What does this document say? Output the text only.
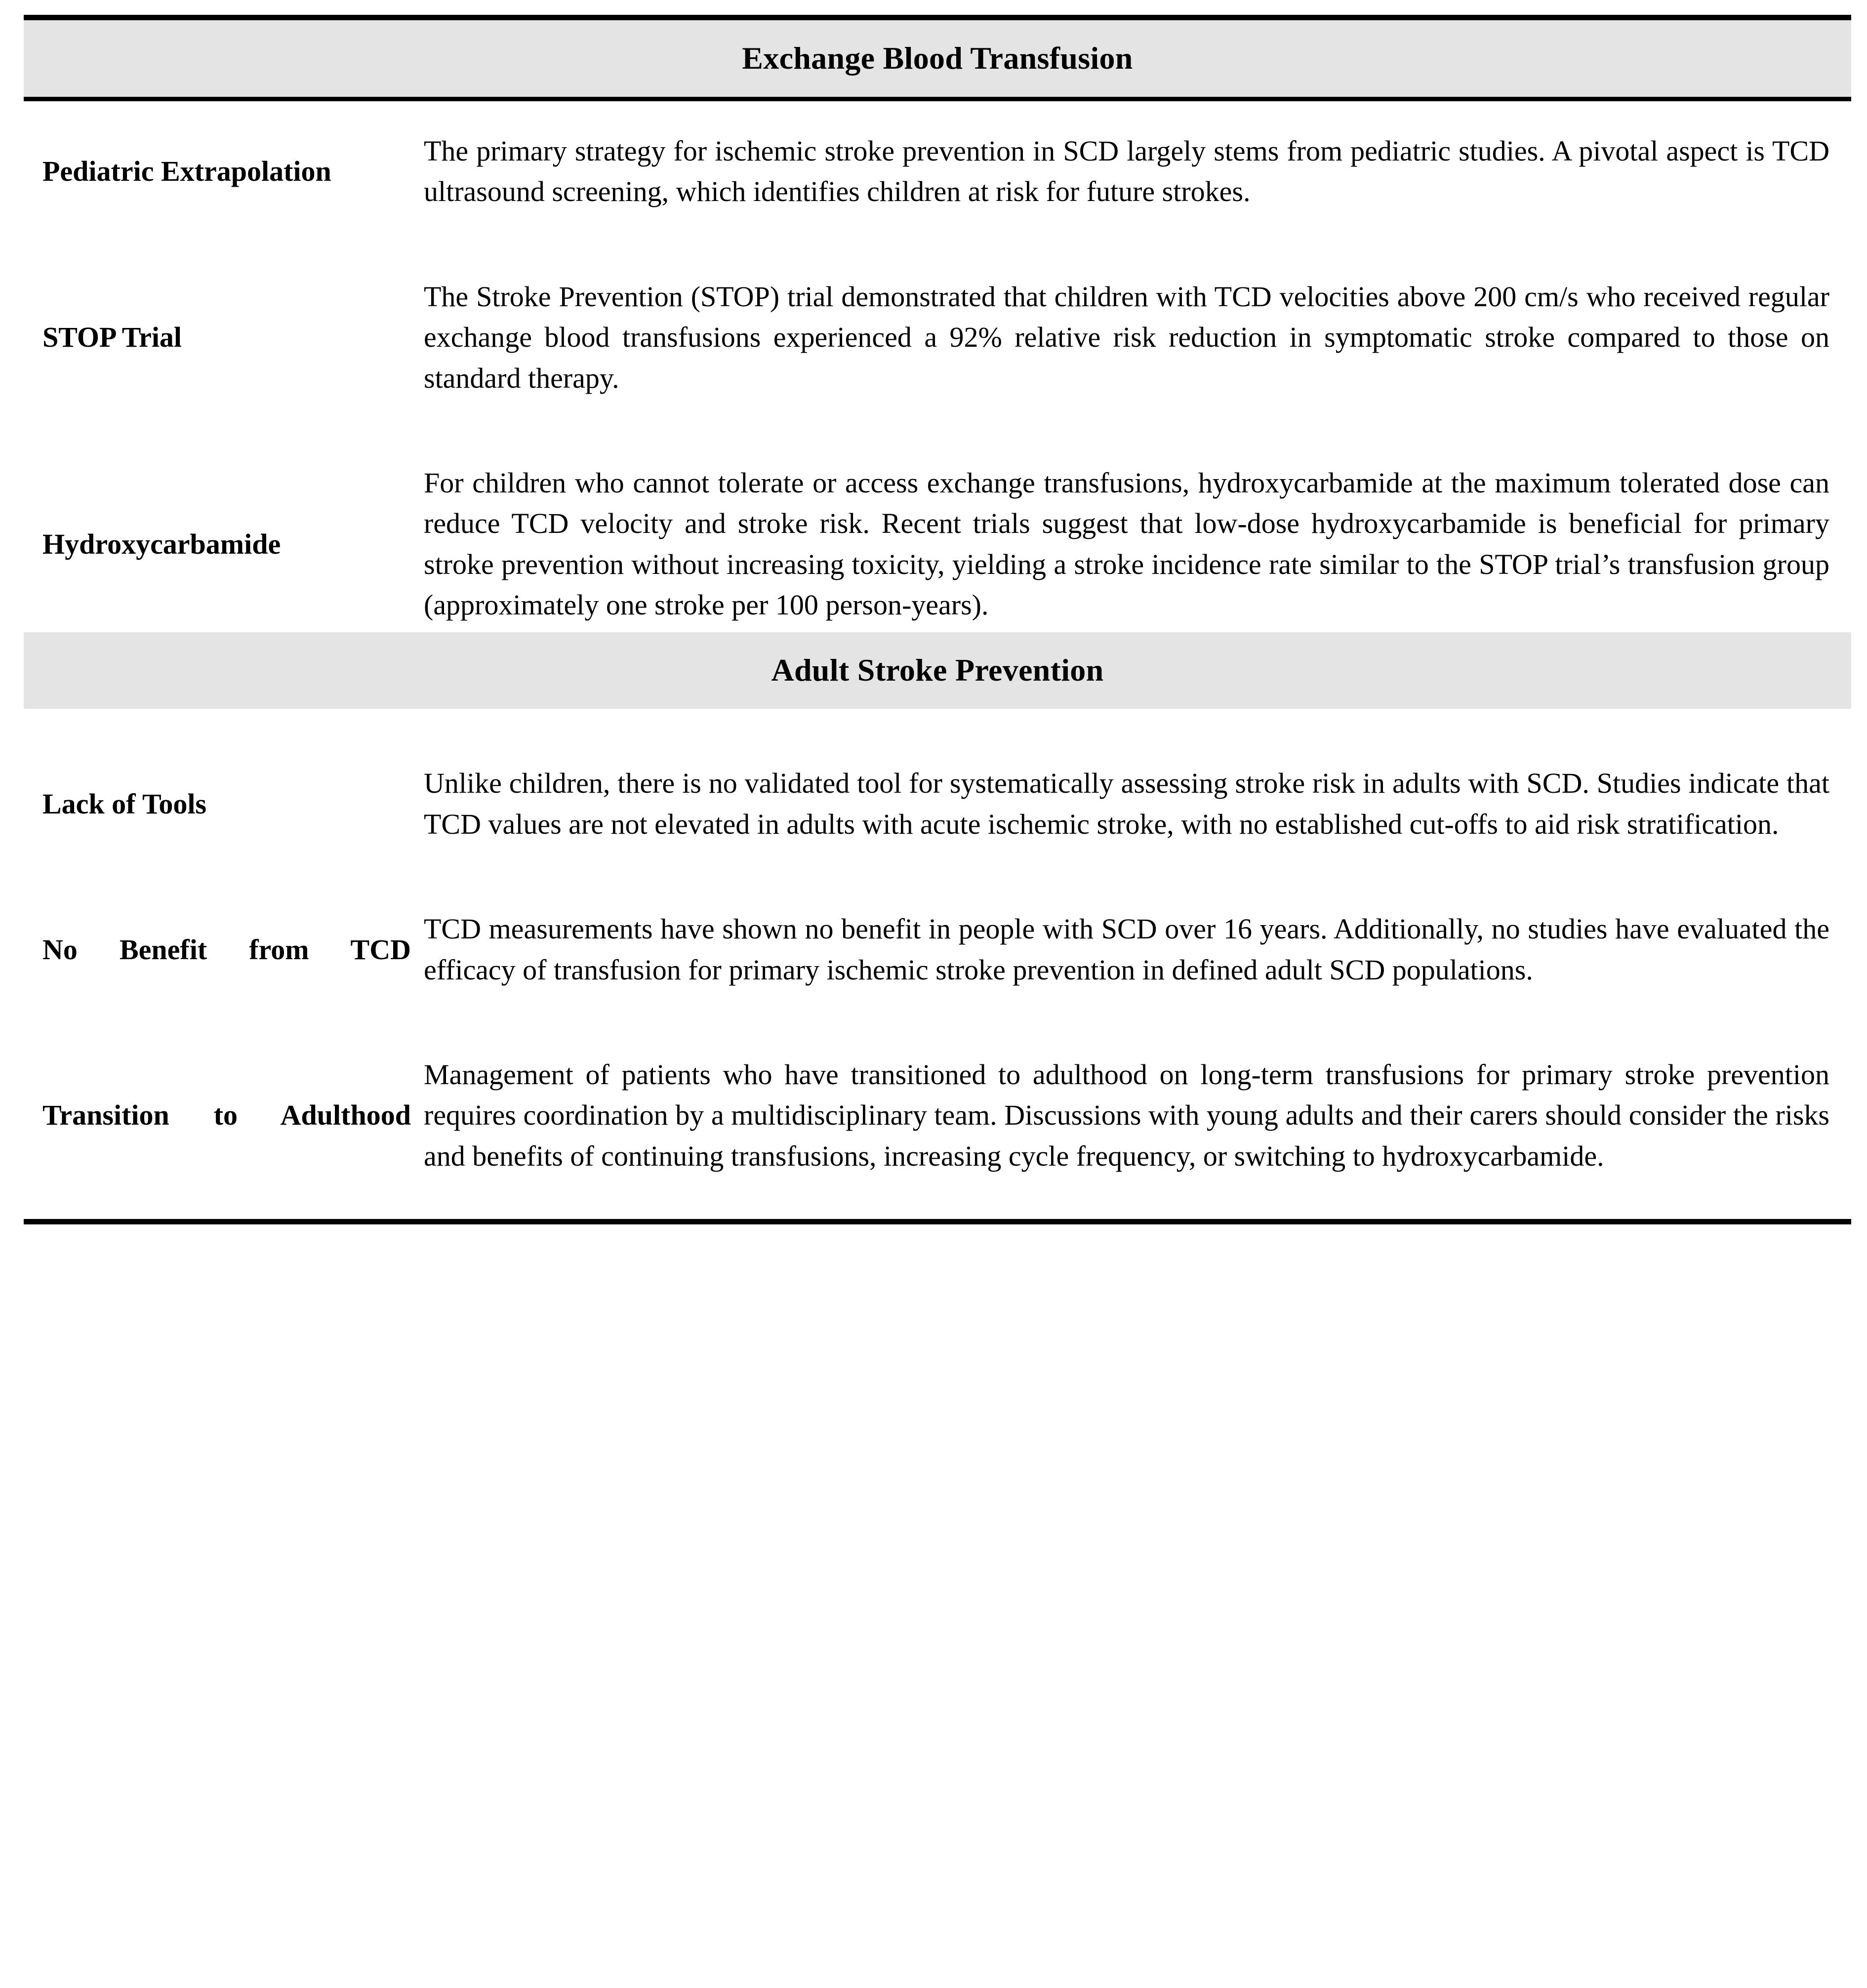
Exchange Blood Transfusion
Pediatric Extrapolation
The primary strategy for ischemic stroke prevention in SCD largely stems from pediatric studies. A pivotal aspect is TCD ultrasound screening, which identifies children at risk for future strokes.
STOP Trial
The Stroke Prevention (STOP) trial demonstrated that children with TCD velocities above 200 cm/s who received regular exchange blood transfusions experienced a 92% relative risk reduction in symptomatic stroke compared to those on standard therapy.
Hydroxycarbamide
For children who cannot tolerate or access exchange transfusions, hydroxycarbamide at the maximum tolerated dose can reduce TCD velocity and stroke risk. Recent trials suggest that low-dose hydroxycarbamide is beneficial for primary stroke prevention without increasing toxicity, yielding a stroke incidence rate similar to the STOP trial’s transfusion group (approximately one stroke per 100 person-years).
Adult Stroke Prevention
Lack of Tools
Unlike children, there is no validated tool for systematically assessing stroke risk in adults with SCD. Studies indicate that TCD values are not elevated in adults with acute ischemic stroke, with no established cut-offs to aid risk stratification.
No Benefit from TCD
TCD measurements have shown no benefit in people with SCD over 16 years. Additionally, no studies have evaluated the efficacy of transfusion for primary ischemic stroke prevention in defined adult SCD populations.
Transition to Adulthood
Management of patients who have transitioned to adulthood on long-term transfusions for primary stroke prevention requires coordination by a multidisciplinary team. Discussions with young adults and their carers should consider the risks and benefits of continuing transfusions, increasing cycle frequency, or switching to hydroxycarbamide.
